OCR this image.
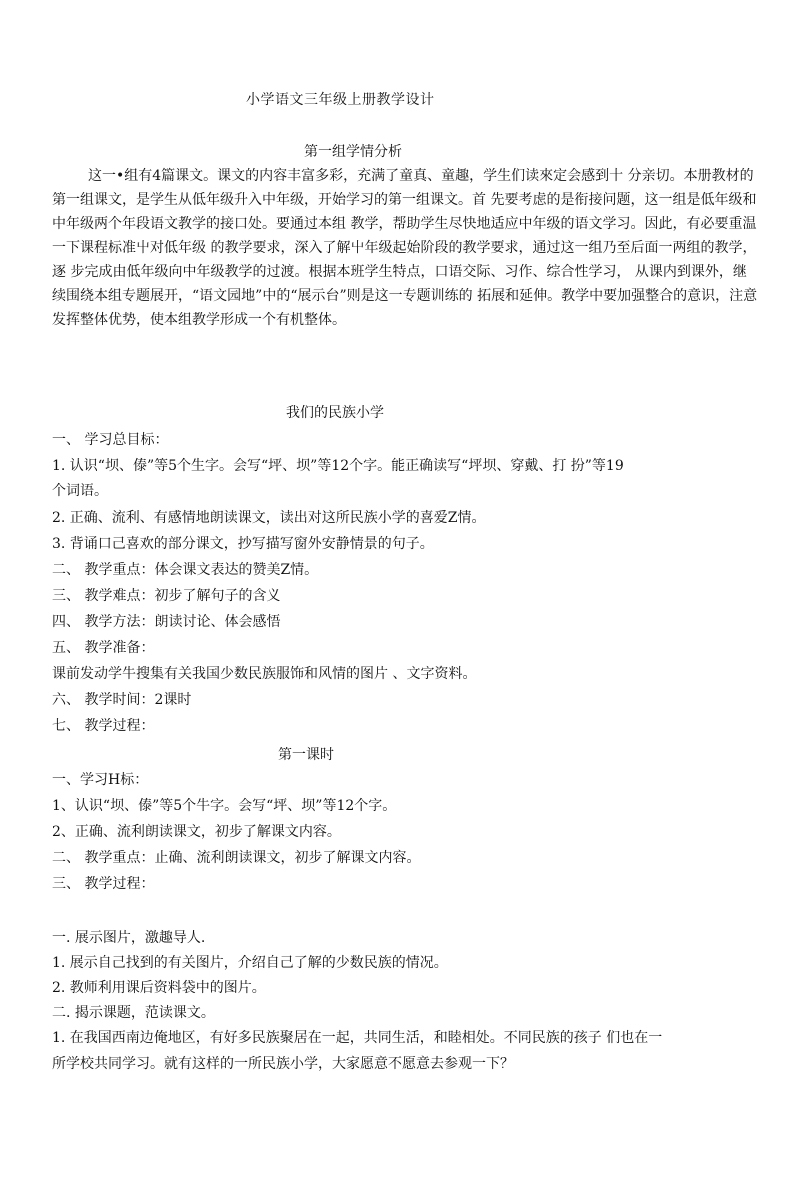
小学语文三年级上册教学设计
第一组学情分析

这一•组有4篇课文。课文的内容丰富多彩，充满了童真、童趣，学生们读來定会感到十 分亲切。本册教材的第一组课文，是学生从低年级升入中年级，开始学习的第一组课文。首 先要考虑的是衔接问题，这一组是低年级和中年级两个年段语文教学的接口处。要通过本组 教学，帮助学生尽快地适应中年级的语文学习。因此，有必要重温一下课程标准屮对低年级 的教学要求，深入了解屮年级起始阶段的教学要求，通过这一组乃至后面一两组的教学，逐 步完成由低年级向中年级教学的过渡。根据本班学生特点，口语交际、习作、综合性学习， 从课内到课外，继续围绕本组专题展开，“语文园地”中的“展示台”则是这一专题训练的 拓展和延伸。教学中要加强整合的意识，注意发挥整体优势，使本组教学形成一个有机整体。

我们的民族小学
一、 学习总目标：
1. 认识“坝、傣”等5个生字。会写“坪、坝”等12个字。能正确读写“坪坝、穿戴、打 扮”等19
个词语。
2. 正确、流利、有感情地朗读课文，读出对这所民族小学的喜爱Z情。
3. 背诵口己喜欢的部分课文，抄写描写窗外安静情景的句子。
二、 教学重点：体会课文表达的赞美Z情。
三、 教学难点：初步了解句子的含义
四、 教学方法：朗读讨论、体会感悟
五、 教学准备：
课前发动学牛搜集有关我国少数民族服饰和风情的图片 、文字资料。
六、 教学时间：2课时
七、 教学过程：
第一课时
一、学习H标：
1、认识“坝、傣”等5个牛字。会写“坪、坝”等12个字。
2、正确、流利朗读课文，初步了解课文内容。
二、 教学重点：止确、流利朗读课文，初步了解课文内容。
三、 教学过程：
一. 展示图片，激趣导人.
1. 展示自己找到的有关图片，介绍自己了解的少数民族的情况。
2. 教师利用课后资料袋中的图片。
二. 揭示课题，范读课文。
1. 在我国西南边俺地区，有好多民族聚居在一起，共同生活，和睦相处。不同民族的孩子 们也在一
所学校共同学习。就有这样的一所民族小学，大家愿意不愿意去参观一下？
